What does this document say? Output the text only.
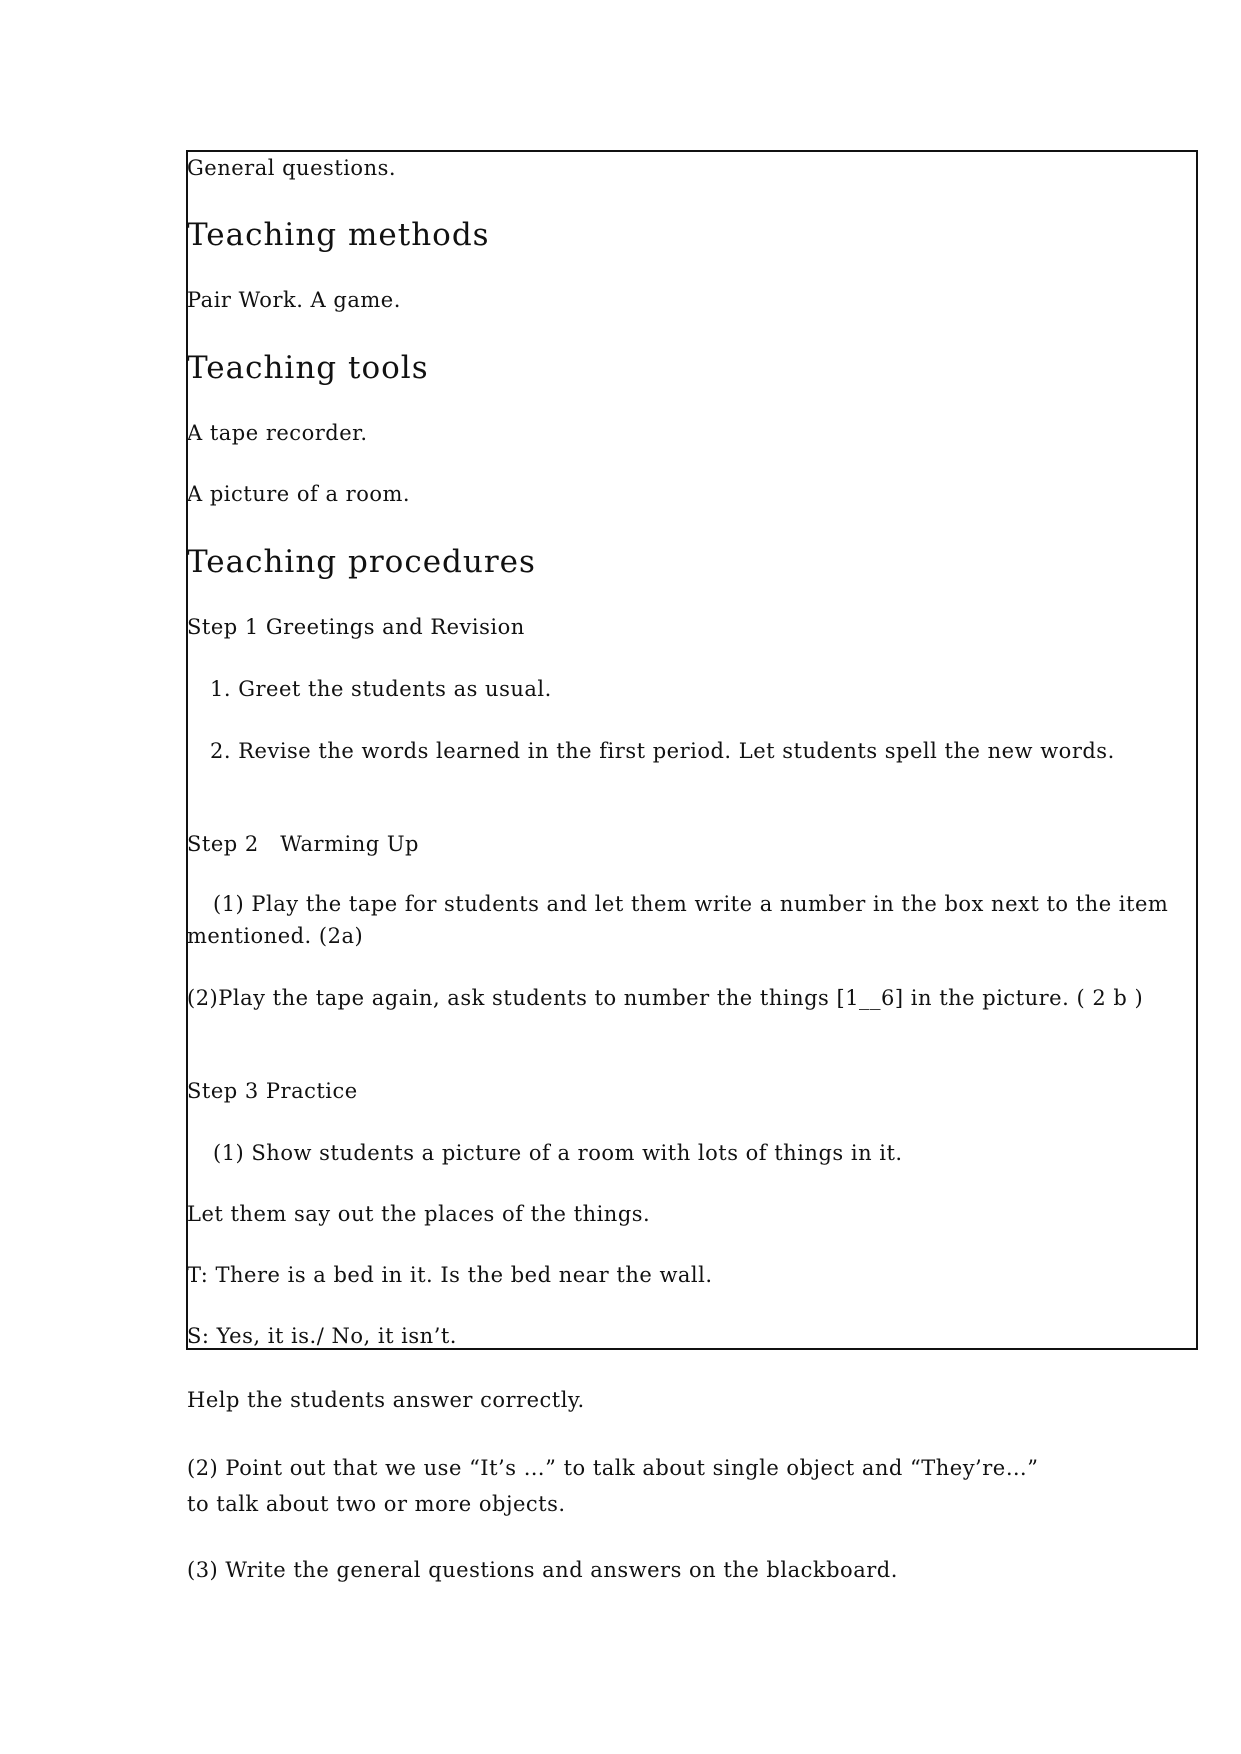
General questions.
Teaching methods
Pair Work. A game.
Teaching tools
A tape recorder.
A picture of a room.
Teaching procedures
Step 1 Greetings and Revision
1. Greet the students as usual.
2. Revise the words learned in the first period. Let students spell the new words.
Step 2   Warming Up
(1) Play the tape for students and let them write a number in the box next to the item mentioned. (2a)
(2)Play the tape again, ask students to number the things [1__6] in the picture. ( 2 b )
Step 3 Practice
(1) Show students a picture of a room with lots of things in it.
Let them say out the places of the things.
T: There is a bed in it. Is the bed near the wall.
S: Yes, it is./ No, it isn’t.
Help the students answer correctly.
(2) Point out that we use “It’s …” to talk about single object and “They’re…” to talk about two or more objects.
(3) Write the general questions and answers on the blackboard.
